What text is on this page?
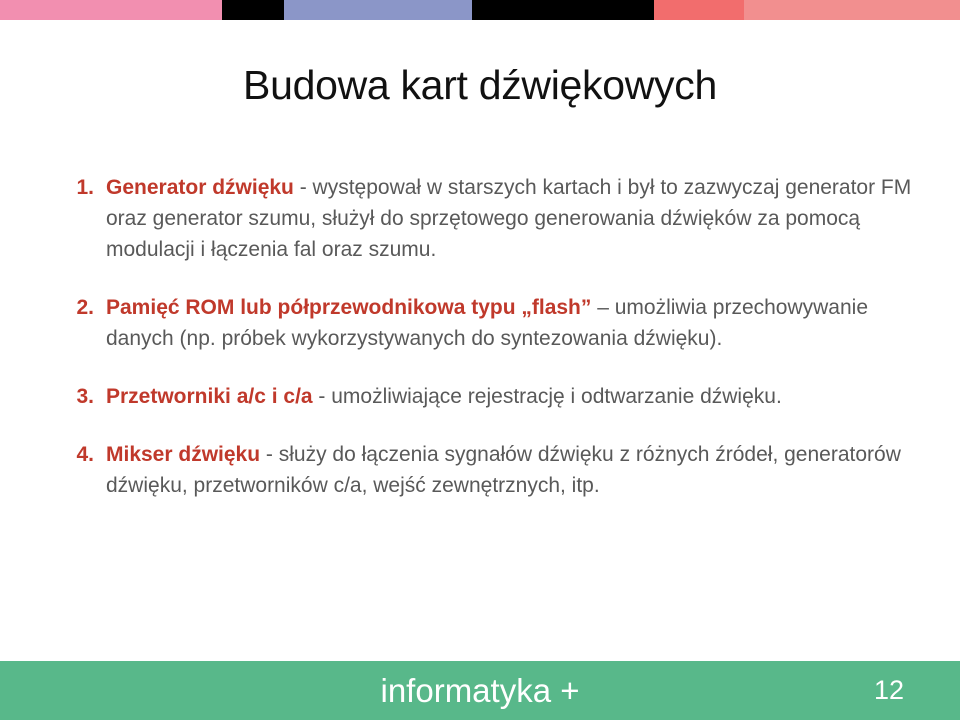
Budowa kart dźwiękowych
1. Generator dźwięku - występował w starszych kartach i był to zazwyczaj generator FM oraz generator szumu, służył do sprzętowego generowania dźwięków za pomocą modulacji i łączenia fal oraz szumu.
2. Pamięć ROM lub półprzewodnikowa typu „flash” – umożliwia przechowywanie danych (np. próbek wykorzystywanych do syntezowania dźwięku).
3. Przetworniki a/c i c/a - umożliwiające rejestrację i odtwarzanie dźwięku.
4. Mikser dźwięku - służy do łączenia sygnałów dźwięku z różnych źródeł, generatorów dźwięku, przetworników c/a, wejść zewnętrznych, itp.
informatyka +	12
